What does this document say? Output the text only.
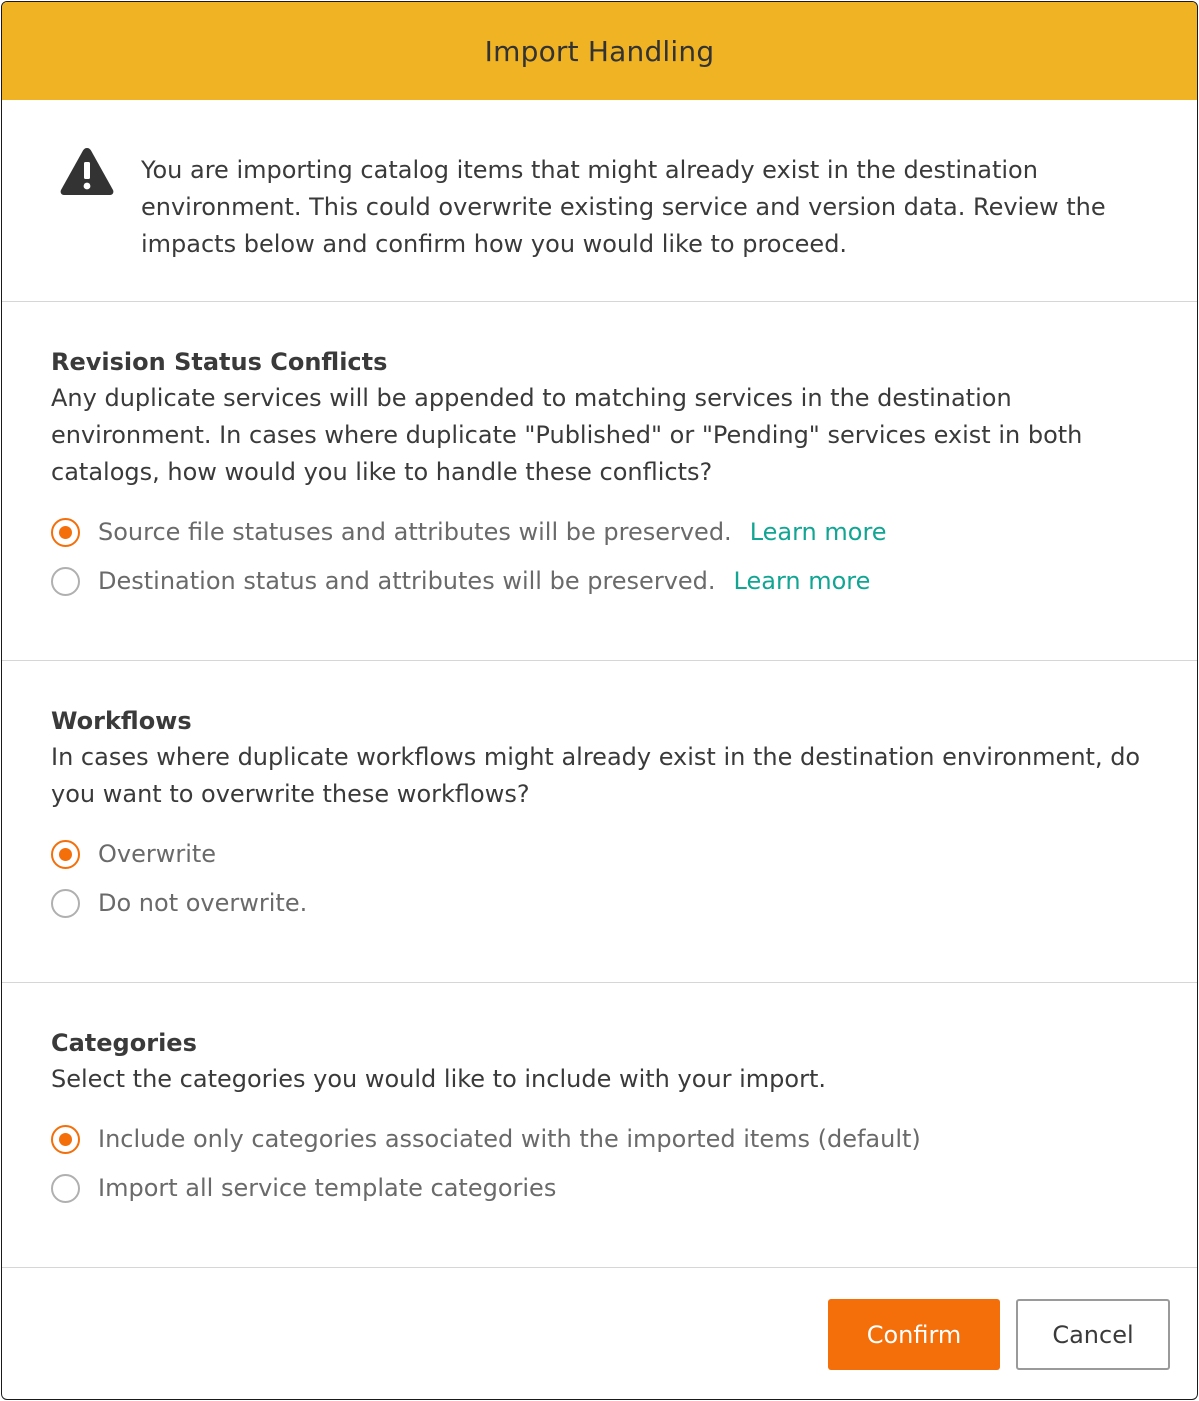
Import Handling
You are importing catalog items that might already exist in the destination environment. This could overwrite existing service and version data. Review the impacts below and confirm how you would like to proceed.
Revision Status Conflicts
Any duplicate services will be appended to matching services in the destination environment. In cases where duplicate "Published" or "Pending" services exist in both catalogs, how would you like to handle these conflicts?
Source file statuses and attributes will be preserved. Learn more
Destination status and attributes will be preserved. Learn more
Workflows
In cases where duplicate workflows might already exist in the destination environment, do you want to overwrite these workflows?
Overwrite
Do not overwrite.
Categories
Select the categories you would like to include with your import.
Include only categories associated with the imported items (default)
Import all service template categories
Confirm	Cancel
